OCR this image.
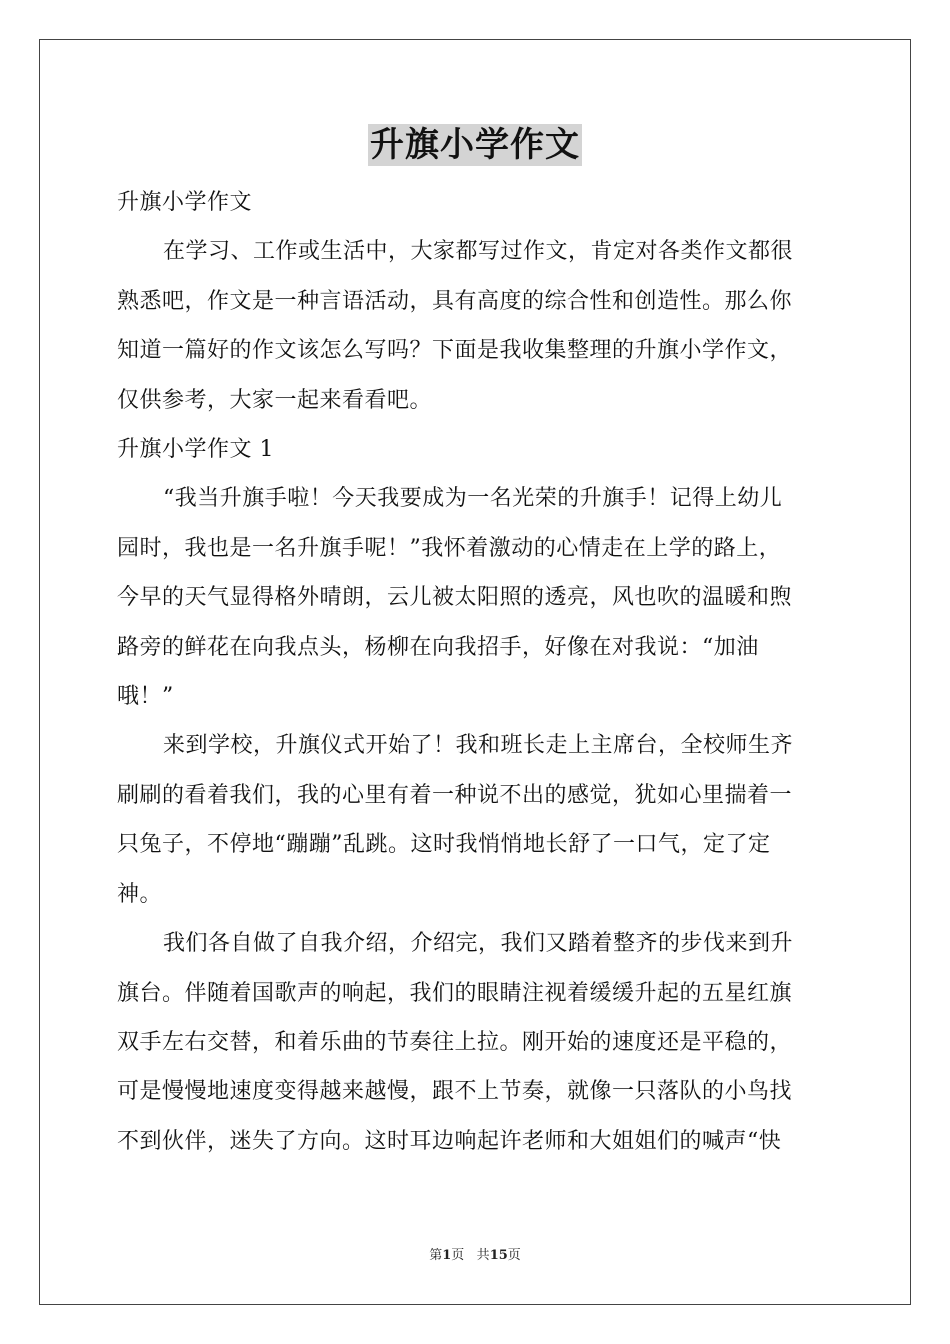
升旗小学作文
升旗小学作文
在学习、工作或生活中，大家都写过作文，肯定对各类作文都很
熟悉吧，作文是一种言语活动，具有高度的综合性和创造性。那么你
知道一篇好的作文该怎么写吗？下面是我收集整理的升旗小学作文，
仅供参考，大家一起来看看吧。
升旗小学作文 1
“我当升旗手啦！今天我要成为一名光荣的升旗手！记得上幼儿
园时，我也是一名升旗手呢！”我怀着激动的心情走在上学的路上，
今早的天气显得格外晴朗，云儿被太阳照的透亮，风也吹的温暖和煦
路旁的鲜花在向我点头，杨柳在向我招手，好像在对我说：“加油
哦！”
来到学校，升旗仪式开始了！我和班长走上主席台，全校师生齐
刷刷的看着我们，我的心里有着一种说不出的感觉，犹如心里揣着一
只兔子，不停地“蹦蹦”乱跳。这时我悄悄地长舒了一口气，定了定
神。
我们各自做了自我介绍，介绍完，我们又踏着整齐的步伐来到升
旗台。伴随着国歌声的响起，我们的眼睛注视着缓缓升起的五星红旗
双手左右交替，和着乐曲的节奏往上拉。刚开始的速度还是平稳的，
可是慢慢地速度变得越来越慢，跟不上节奏，就像一只落队的小鸟找
不到伙伴，迷失了方向。这时耳边响起许老师和大姐姐们的喊声“快
第1页 共15页
